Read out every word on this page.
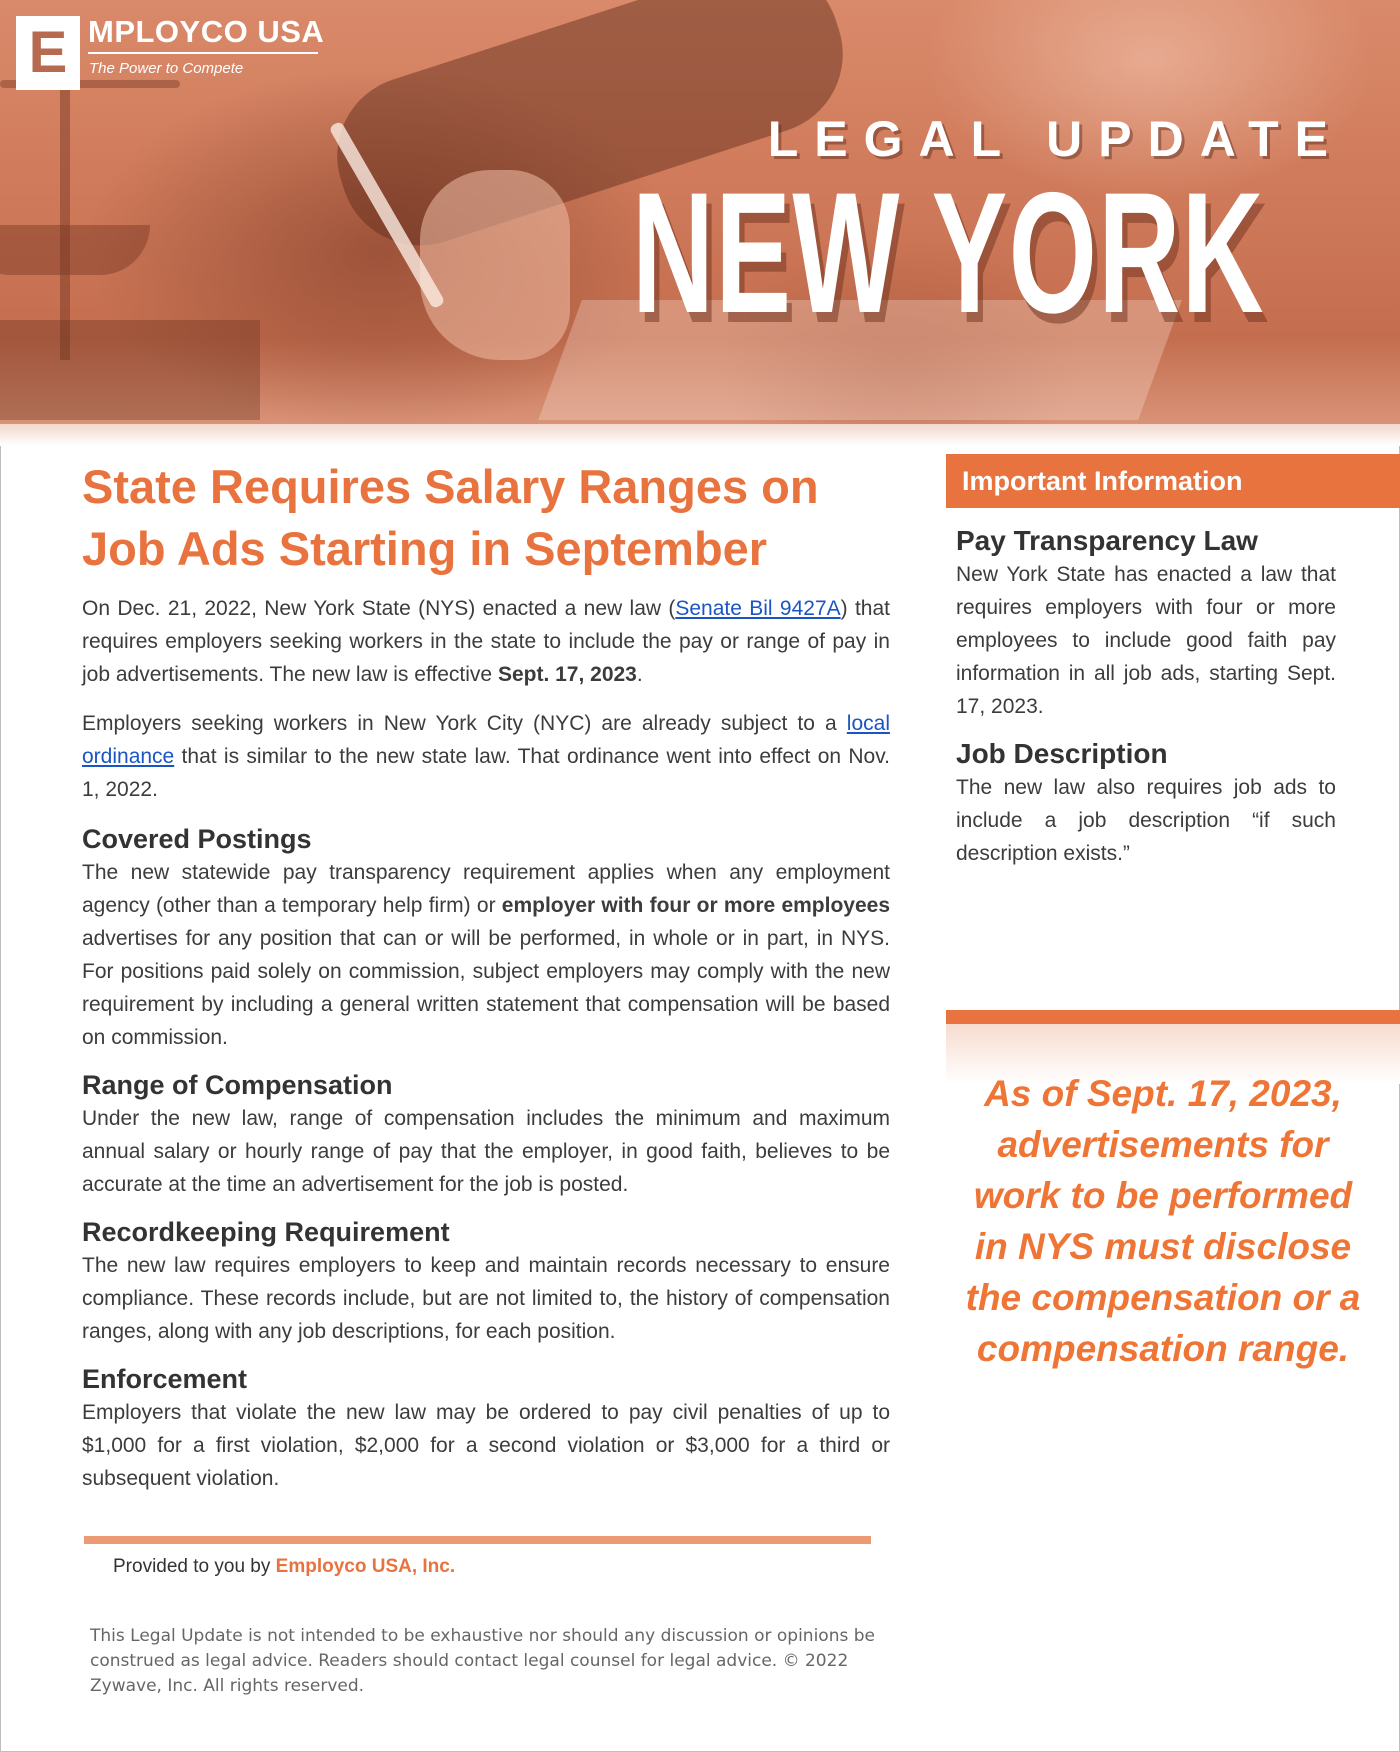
E MPLOYCO USA
The Power to Compete
LEGAL UPDATE
NEW YORK
State Requires Salary Ranges on Job Ads Starting in September

On Dec. 21, 2022, New York State (NYS) enacted a new law (Senate Bil 9427A) that requires employers seeking workers in the state to include the pay or range of pay in job advertisements. The new law is effective Sept. 17, 2023.

Employers seeking workers in New York City (NYC) are already subject to a local ordinance that is similar to the new state law. That ordinance went into effect on Nov. 1, 2022.

Covered Postings

The new statewide pay transparency requirement applies when any employment agency (other than a temporary help firm) or employer with four or more employees advertises for any position that can or will be performed, in whole or in part, in NYS. For positions paid solely on commission, subject employers may comply with the new requirement by including a general written statement that compensation will be based on commission.

Range of Compensation

Under the new law, range of compensation includes the minimum and maximum annual salary or hourly range of pay that the employer, in good faith, believes to be accurate at the time an advertisement for the job is posted.

Recordkeeping Requirement

The new law requires employers to keep and maintain records necessary to ensure compliance. These records include, but are not limited to, the history of compensation ranges, along with any job descriptions, for each position.

Enforcement

Employers that violate the new law may be ordered to pay civil penalties of up to $1,000 for a first violation, $2,000 for a second violation or $3,000 for a third or subsequent violation.

Provided to you by Employco USA, Inc.

This Legal Update is not intended to be exhaustive nor should any discussion or opinions be construed as legal advice. Readers should contact legal counsel for legal advice. © 2022 Zywave, Inc. All rights reserved.

Important Information
Pay Transparency Law

New York State has enacted a law that requires employers with four or more employees to include good faith pay information in all job ads, starting Sept. 17, 2023.

Job Description

The new law also requires job ads to include a job description “if such description exists.”

As of Sept. 17, 2023, advertisements for work to be performed in NYS must disclose the compensation or a compensation range.
